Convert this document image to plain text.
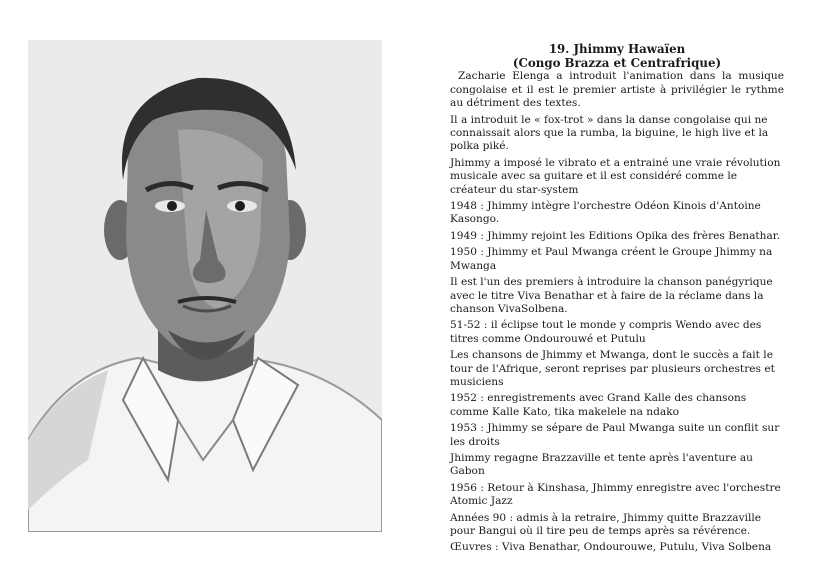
19. Jhimmy Hawaïen
(Congo Brazza et Centrafrique)

Zacharie Elenga a introduit l'animation dans la musique congolaise et il est le premier artiste à privilégier le rythme au détriment des textes.

Il a introduit le « fox-trot » dans la danse congolaise qui ne connaissait alors que la rumba, la biguine, le high live et la polka piké.

Jhimmy a imposé le vibrato et a entrainé une vraie révolution musicale avec sa guitare et il est considéré comme le créateur du star-system

1948 : Jhimmy intègre l'orchestre Odéon Kinois d'Antoine Kasongo.

1949 : Jhimmy rejoint les Editions Opika des frères Benathar.

1950 : Jhimmy et Paul Mwanga créent le Groupe Jhimmy na Mwanga

Il est l'un des premiers à introduire la chanson panégyrique avec le titre Viva Benathar et à faire de la réclame dans la chanson VivaSolbena.

51-52 : il éclipse tout le monde y compris Wendo avec des titres comme Ondourouwé et Putulu

Les chansons de Jhimmy et Mwanga, dont le succès a fait le tour de l'Afrique, seront reprises par plusieurs orchestres et musiciens

1952 : enregistrements avec Grand Kalle des chansons comme Kalle Kato, tika makelele na ndako

1953 : Jhimmy se sépare de Paul Mwanga suite un conflit sur les droits

Jhimmy regagne Brazzaville et tente après l'aventure au Gabon

1956 : Retour à Kinshasa, Jhimmy enregistre avec l'orchestre Atomic Jazz

Années 90 : admis à la retraire, Jhimmy quitte Brazzaville pour Bangui où il tire peu de temps après sa révérence.

Œuvres : Viva Benathar, Ondourouwe, Putulu, Viva Solbena
